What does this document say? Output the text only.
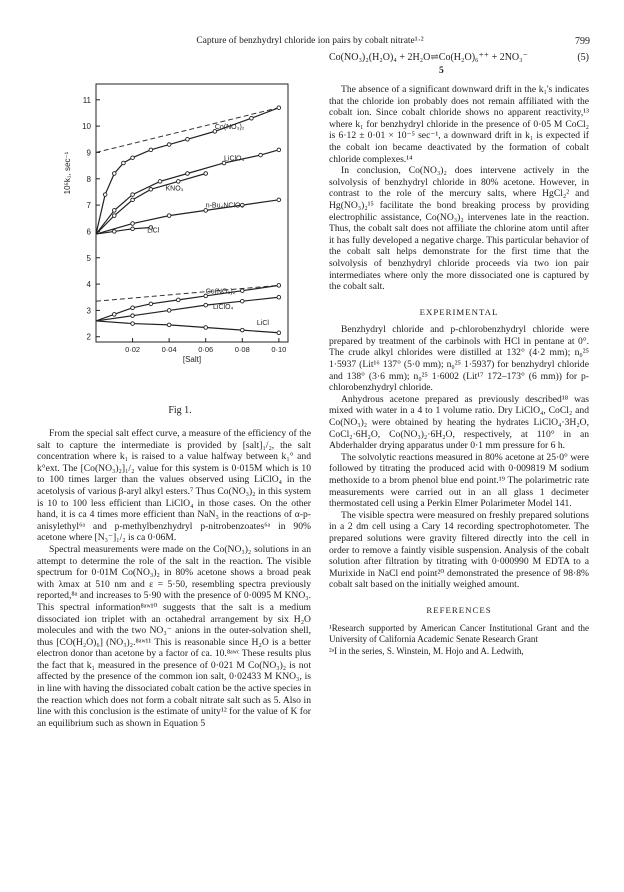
Capture of benzhydryl chloride ion pairs by cobalt nitrate¹·²	799
0·02	0·04	0·06	0·08	0·10
[Salt]
2
3
4
5
6
7
8
9
10
11
10⁵k₁, sec⁻¹
Co(NO₃)₂
LiClO₄
KNO₃
n-Bu₄NClO₄
LiCl
Co(NO₃)₂
LiClO₄
LiCl
Fig 1.
Co(NO₃)₂(H₂O)₄ + 2H₂O⇌Co(H₂O)₆⁺⁺ + 2NO₃⁻	(5)
5

From the special salt effect curve, a measure of the efficiency of the salt to capture the intermediate is provided by [salt]₁/₂, the salt concentration where k₁ is raised to a value halfway between k₁° and k°ext. The [Co(NO₃)₂]₁/₂ value for this system is 0·015M which is 10 to 100 times larger than the values observed using LiClO₄ in the acetolysis of various β-aryl alkyl esters.⁷ Thus Co(NO₃)₂ in this system is 10 to 100 less efficient than LiClO₄ in those cases. On the other hand, it is ca 4 times more efficient than NaN₃ in the reactions of α-p-anisylethyl⁶ᵃ and p-methylbenzhydryl p-nitrobenzoates⁶ᵃ in 90% acetone where [N₃⁻]₁/₂ is ca 0·06M.

Spectral measurements were made on the Co(NO₃)₂ solutions in an attempt to determine the role of the salt in the reaction. The visible spectrum for 0·01M Co(NO₃)₂ in 80% acetone shows a broad peak with λmax at 510 nm and ε = 5·50, resembling spectra previously reported,⁸ᵃ and increases to 5·90 with the presence of 0·0095 M KNO₃. This spectral information⁸ᵃʷ¹⁰ suggests that the salt is a medium dissociated ion triplet with an octahedral arrangement by six H₂O molecules and with the two NO₃⁻ anions in the outer-solvation shell, thus [CO(H₂O)₆] (NO₃)₂.⁸ᵃʷ¹¹ This is reasonable since H₂O is a better electron donor than acetone by a factor of ca. 10.⁸ᵃʷᶜ These results plus the fact that k₁ measured in the presence of 0·021 M Co(NO₃)₂ is not affected by the presence of the common ion salt, 0·02433 M KNO₃, is in line with having the dissociated cobalt cation be the active species in the reaction which does not form a cobalt nitrate salt such as 5. Also in line with this conclusion is the estimate of unity¹² for the value of K for an equilibrium such as shown in Equation 5

The absence of a significant downward drift in the k₁'s indicates that the chloride ion probably does not remain affiliated with the cobalt ion. Since cobalt chloride shows no apparent reactivity,¹³ where k₁ for benzhydryl chloride in the presence of 0·05 M CoCl₂ is 6·12 ± 0·01 × 10⁻⁵ sec⁻¹, a downward drift in k₁ is expected if the cobalt ion became deactivated by the formation of cobalt chloride complexes.¹⁴

In conclusion, Co(NO₃)₂ does intervene actively in the solvolysis of benzhydryl chloride in 80% acetone. However, in contrast to the role of the mercury salts, where HgCl₂² and Hg(NO₃)₂¹⁵ facilitate the bond breaking process by providing electrophilic assistance, Co(NO₃)₂ intervenes late in the reaction. Thus, the cobalt salt does not affiliate the chlorine atom until after it has fully developed a negative charge. This particular behavior of the cobalt salt helps demonstrate for the first time that the solvolysis of benzhydryl chloride proceeds via two ion pair intermediates where only the more dissociated one is captured by the cobalt salt.

EXPERIMENTAL

Benzhydryl chloride and p-chlorobenzhydryl chloride were prepared by treatment of the carbinols with HCl in pentane at 0°. The crude alkyl chlorides were distilled at 132° (4·2 mm); n₀²⁵ 1·5937 (Lit¹⁶ 137° (5·0 mm); n₀²⁵ 1·5937) for benzhydryl chloride and 138° (3·6 mm); n₀²⁵ 1·6002 (Lit¹⁷ 172–173° (6 mm)) for p-chlorobenzhydryl chloride.

Anhydrous acetone prepared as previously described¹⁸ was mixed with water in a 4 to 1 volume ratio. Dry LiClO₄, CoCl₂ and Co(NO₃)₂ were obtained by heating the hydrates LiClO₄·3H₂O, CoCl₂·6H₂O, Co(NO₃)₂·6H₂O, respectively, at 110° in an Abderhalder drying apparatus under 0·1 mm pressure for 6 h.

The solvolytic reactions measured in 80% acetone at 25·0° were followed by titrating the produced acid with 0·009819 M sodium methoxide to a brom phenol blue end point.¹⁹ The polarimetric rate measurements were carried out in an all glass 1 decimeter thermostated cell using a Perkin Elmer Polarimeter Model 141.

The visible spectra were measured on freshly prepared solutions in a 2 dm cell using a Cary 14 recording spectrophotometer. The prepared solutions were gravity filtered directly into the cell in order to remove a faintly visible suspension. Analysis of the cobalt solution after filtration by titrating with 0·000990 M EDTA to a Murixide in NaCl end point²⁰ demonstrated the presence of 98·8% cobalt salt based on the initially weighed amount.

REFERENCES

¹Research supported by American Cancer Institutional Grant and the University of California Academic Senate Research Grant

²ᵃI in the series, S. Winstein, M. Hojo and A. Ledwith,
